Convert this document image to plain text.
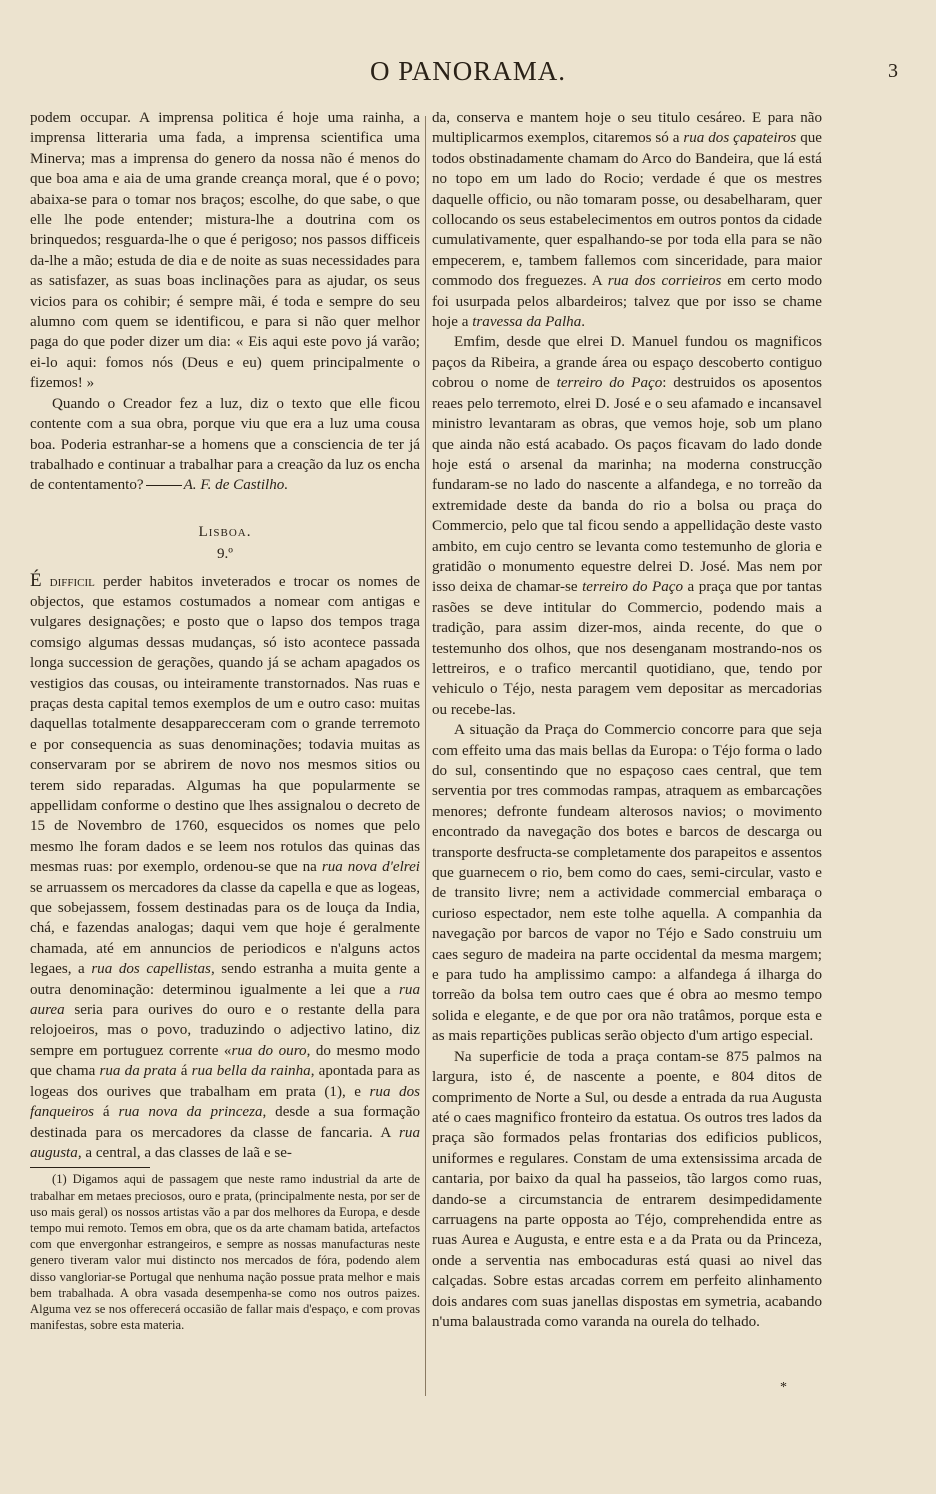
O PANORAMA.	3

podem occupar. A imprensa politica é hoje uma rainha, a imprensa litteraria uma fada, a imprensa scientifica uma Minerva; mas a imprensa do genero da nossa não é menos do que boa ama e aia de uma grande creança moral, que é o povo; abaixa-se para o tomar nos braços; escolhe, do que sabe, o que elle lhe pode entender; mistura-lhe a doutrina com os brinquedos; resguarda-lhe o que é perigoso; nos passos difficeis da-lhe a mão; estuda de dia e de noite as suas necessidades para as satisfazer, as suas boas inclinações para as ajudar, os seus vicios para os cohibir; é sempre mãi, é toda e sempre do seu alumno com quem se identificou, e para si não quer melhor paga do que poder dizer um dia: « Eis aqui este povo já varão; ei-lo aqui: fomos nós (Deus e eu) quem principalmente o fizemos! »

Quando o Creador fez a luz, diz o texto que elle ficou contente com a sua obra, porque viu que era a luz uma cousa boa. Poderia estranhar-se a homens que a consciencia de ter já trabalhado e continuar a trabalhar para a creação da luz os encha de contentamento?	A. F. de Castilho.

Lisboa.
9.º

É difficil perder habitos inveterados e trocar os nomes de objectos, que estamos costumados a nomear com antigas e vulgares designações; e posto que o lapso dos tempos traga comsigo algumas dessas mudanças, só isto acontece passada longa succession de gerações, quando já se acham apagados os vestigios das cousas, ou inteiramente transtornados. Nas ruas e praças desta capital temos exemplos de um e outro caso: muitas daquellas totalmente desapparecceram com o grande terremoto e por consequencia as suas denominações; todavia muitas as conservaram por se abrirem de novo nos mesmos sitios ou terem sido reparadas. Algumas ha que popularmente se appellidam conforme o destino que lhes assignalou o decreto de 15 de Novembro de 1760, esquecidos os nomes que pelo mesmo lhe foram dados e se leem nos rotulos das quinas das mesmas ruas: por exemplo, ordenou-se que na rua nova d'elrei se arruassem os mercadores da classe da capella e que as logeas, que sobejassem, fossem destinadas para os de louça da India, chá, e fazendas analogas; daqui vem que hoje é geralmente chamada, até em annuncios de periodicos e n'alguns actos legaes, a rua dos capellistas, sendo estranha a muita gente a outra denominação: determinou igualmente a lei que a rua aurea seria para ourives do ouro e o restante della para relojoeiros, mas o povo, traduzindo o adjectivo latino, diz sempre em portuguez corrente «rua do ouro, do mesmo modo que chama rua da prata á rua bella da rainha, apontada para as logeas dos ourives que trabalham em prata (1), e rua dos fanqueiros á rua nova da princeza, desde a sua formação destinada para os mercadores da classe de fancaria. A rua augusta, a central, a das classes de laã e se-

(1) Digamos aqui de passagem que neste ramo industrial da arte de trabalhar em metaes preciosos, ouro e prata, (principalmente nesta, por ser de uso mais geral) os nossos artistas vão a par dos melhores da Europa, e desde tempo mui remoto. Temos em obra, que os da arte chamam batida, artefactos com que envergonhar estrangeiros, e sempre as nossas manufacturas neste genero tiveram valor mui distincto nos mercados de fóra, podendo alem disso vangloriar-se Portugal que nenhuma nação possue prata melhor e mais bem trabalhada. A obra vasada desempenha-se como nos outros paizes. Alguma vez se nos offerecerá occasião de fallar mais d'espaço, e com provas manifestas, sobre esta materia.

da, conserva e mantem hoje o seu titulo cesáreo. E para não multiplicarmos exemplos, citaremos só a rua dos çapateiros que todos obstinadamente chamam do Arco do Bandeira, que lá está no topo em um lado do Rocio; verdade é que os mestres daquelle officio, ou não tomaram posse, ou desabelharam, quer collocando os seus estabelecimentos em outros pontos da cidade cumulativamente, quer espalhando-se por toda ella para se não empecerem, e, tambem fallemos com sinceridade, para maior commodo dos freguezes. A rua dos corrieiros em certo modo foi usurpada pelos albardeiros; talvez que por isso se chame hoje a travessa da Palha.

Emfim, desde que elrei D. Manuel fundou os magnificos paços da Ribeira, a grande área ou espaço descoberto contiguo cobrou o nome de terreiro do Paço: destruidos os aposentos reaes pelo terremoto, elrei D. José e o seu afamado e incansavel ministro levantaram as obras, que vemos hoje, sob um plano que ainda não está acabado. Os paços ficavam do lado donde hoje está o arsenal da marinha; na moderna construcção fundaram-se no lado do nascente a alfandega, e no torreão da extremidade deste da banda do rio a bolsa ou praça do Commercio, pelo que tal ficou sendo a appellidação deste vasto ambito, em cujo centro se levanta como testemunho de gloria e gratidão o monumento equestre delrei D. José. Mas nem por isso deixa de chamar-se terreiro do Paço a praça que por tantas rasões se deve intitular do Commercio, podendo mais a tradição, para assim dizer-mos, ainda recente, do que o testemunho dos olhos, que nos desenganam mostrando-nos os lettreiros, e o trafico mercantil quotidiano, que, tendo por vehiculo o Téjo, nesta paragem vem depositar as mercadorias ou recebe-las.

A situação da Praça do Commercio concorre para que seja com effeito uma das mais bellas da Europa: o Téjo forma o lado do sul, consentindo que no espaçoso caes central, que tem serventia por tres commodas rampas, atraquem as embarcações menores; defronte fundeam alterosos navios; o movimento encontrado da navegação dos botes e barcos de descarga ou transporte desfructa-se completamente dos parapeitos e assentos que guarnecem o rio, bem como do caes, semi-circular, vasto e de transito livre; nem a actividade commercial embaraça o curioso espectador, nem este tolhe aquella. A companhia da navegação por barcos de vapor no Téjo e Sado construiu um caes seguro de madeira na parte occidental da mesma margem; e para tudo ha amplissimo campo: a alfandega á ilharga do torreão da bolsa tem outro caes que é obra ao mesmo tempo solida e elegante, e de que por ora não tratâmos, porque esta e as mais repartições publicas serão objecto d'um artigo especial.

Na superficie de toda a praça contam-se 875 palmos na largura, isto é, de nascente a poente, e 804 ditos de comprimento de Norte a Sul, ou desde a entrada da rua Augusta até o caes magnifico fronteiro da estatua. Os outros tres lados da praça são formados pelas frontarias dos edificios publicos, uniformes e regulares. Constam de uma extensissima arcada de cantaria, por baixo da qual ha passeios, tão largos como ruas, dando-se a circumstancia de entrarem desimpedidamente carruagens na parte opposta ao Téjo, comprehendida entre as ruas Aurea e Augusta, e entre esta e a da Prata ou da Princeza, onde a serventia nas embocaduras está quasi ao nivel das calçadas. Sobre estas arcadas correm em perfeito alinhamento dois andares com suas janellas dispostas em symetria, acabando n'uma balaustrada como varanda na ourela do telhado.

*
